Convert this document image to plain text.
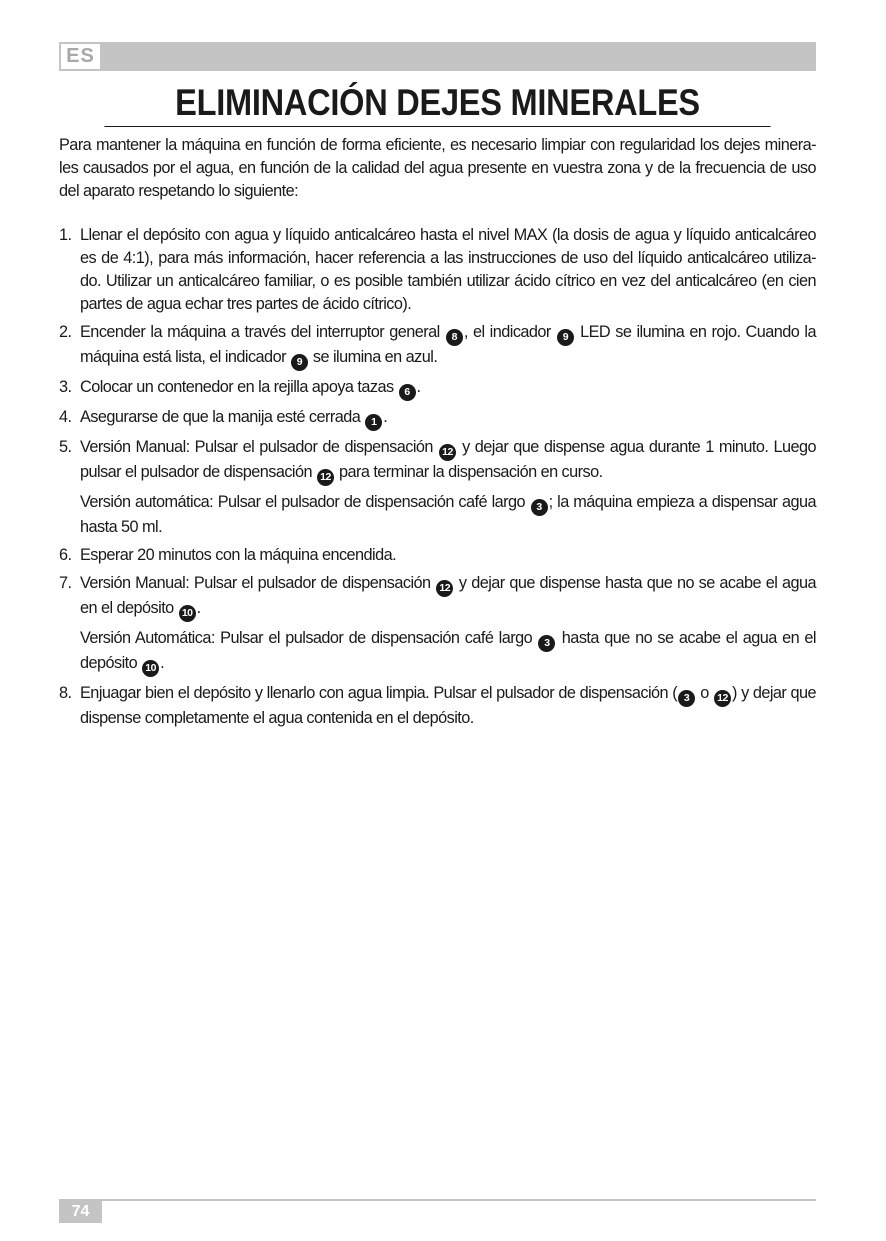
ES
ELIMINACIÓN DEJES MINERALES

Para mantener la máquina en función de forma eficiente, es necesario limpiar con regularidad los dejes minera-les causados por el agua, en función de la calidad del agua presente en vuestra zona y de la frecuencia de uso del aparato respetando lo siguiente:

1. Llenar el depósito con agua y líquido anticalcáreo hasta el nivel MAX (la dosis de agua y líquido anticalcáreo es de 4:1), para más información, hacer referencia a las instrucciones de uso del líquido anticalcáreo utiliza-do. Utilizar un anticalcáreo familiar, o es posible también utilizar ácido cítrico en vez del anticalcáreo (en cien partes de agua echar tres partes de ácido cítrico).
2. Encender la máquina a través del interruptor general 8 , el indicador 9 LED se ilumina en rojo. Cuando la máquina está lista, el indicador 9 se ilumina en azul.
3. Colocar un contenedor en la rejilla apoya tazas 6 .
4. Asegurarse de que la manija esté cerrada 1 .
5. Versión Manual: Pulsar el pulsador de dispensación 12 y dejar que dispense agua durante 1 minuto. Luego pulsar el pulsador de dispensación 12 para terminar la dispensación en curso.
Versión automática: Pulsar el pulsador de dispensación café largo 3 ; la máquina empieza a dispensar agua hasta 50 ml.
6. Esperar 20 minutos con la máquina encendida.
7. Versión Manual: Pulsar el pulsador de dispensación 12 y dejar que dispense hasta que no se acabe el agua en el depósito 10 .
Versión Automática: Pulsar el pulsador de dispensación café largo 3 hasta que no se acabe el agua en el depósito 10 .
8. Enjuagar bien el depósito y llenarlo con agua limpia. Pulsar el pulsador de dispensación ( 3 o 12 ) y dejar que dispense completamente el agua contenida en el depósito.
74
